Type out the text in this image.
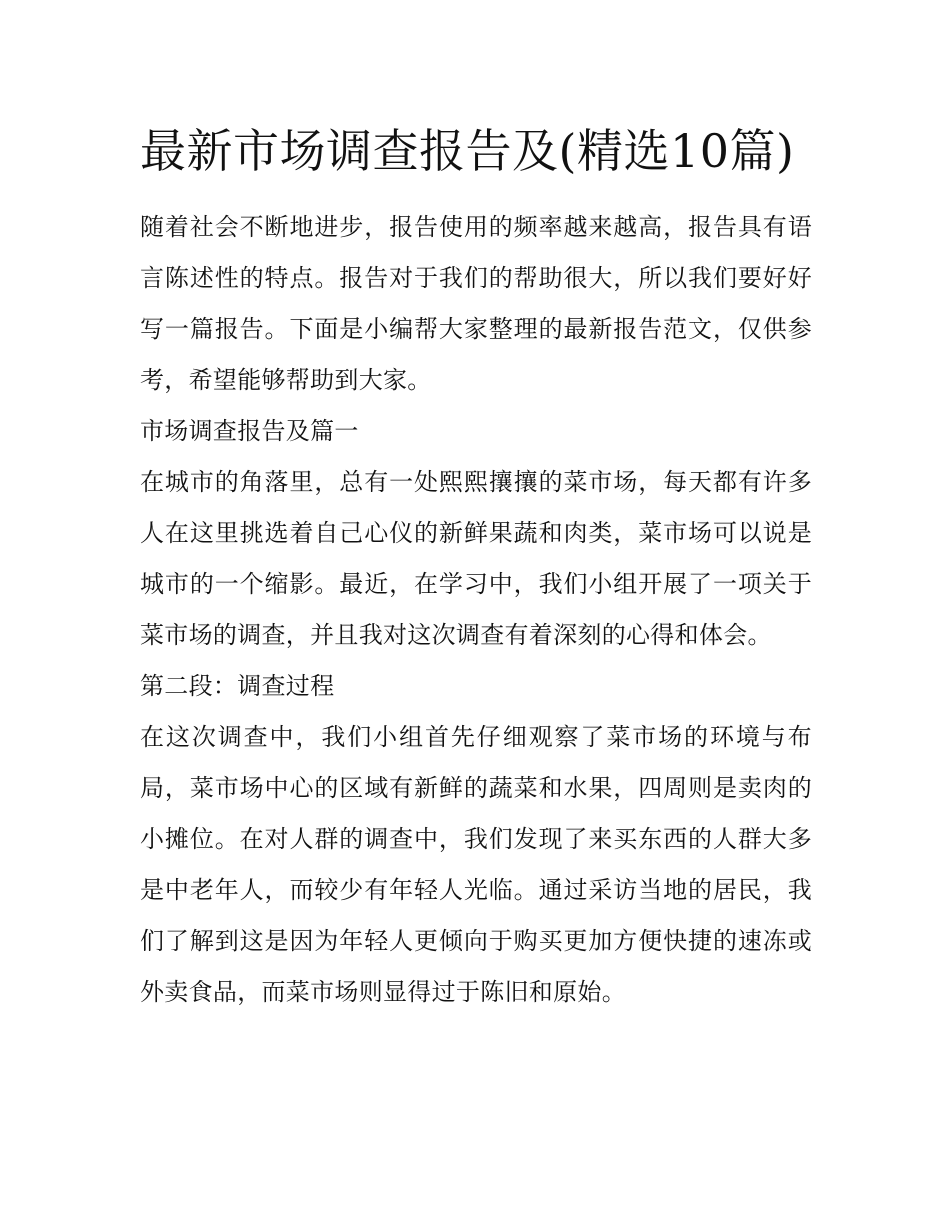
最新市场调查报告及(精选10篇)

随着社会不断地进步，报告使用的频率越来越高，报告具有语言陈述性的特点。报告对于我们的帮助很大，所以我们要好好写一篇报告。下面是小编帮大家整理的最新报告范文，仅供参考，希望能够帮助到大家。

市场调查报告及篇一

在城市的角落里，总有一处熙熙攘攘的菜市场，每天都有许多人在这里挑选着自己心仪的新鲜果蔬和肉类，菜市场可以说是城市的一个缩影。最近，在学习中，我们小组开展了一项关于菜市场的调查，并且我对这次调查有着深刻的心得和体会。

第二段：调查过程

在这次调查中，我们小组首先仔细观察了菜市场的环境与布局，菜市场中心的区域有新鲜的蔬菜和水果，四周则是卖肉的小摊位。在对人群的调查中，我们发现了来买东西的人群大多是中老年人，而较少有年轻人光临。通过采访当地的居民，我们了解到这是因为年轻人更倾向于购买更加方便快捷的速冻或外卖食品，而菜市场则显得过于陈旧和原始。
